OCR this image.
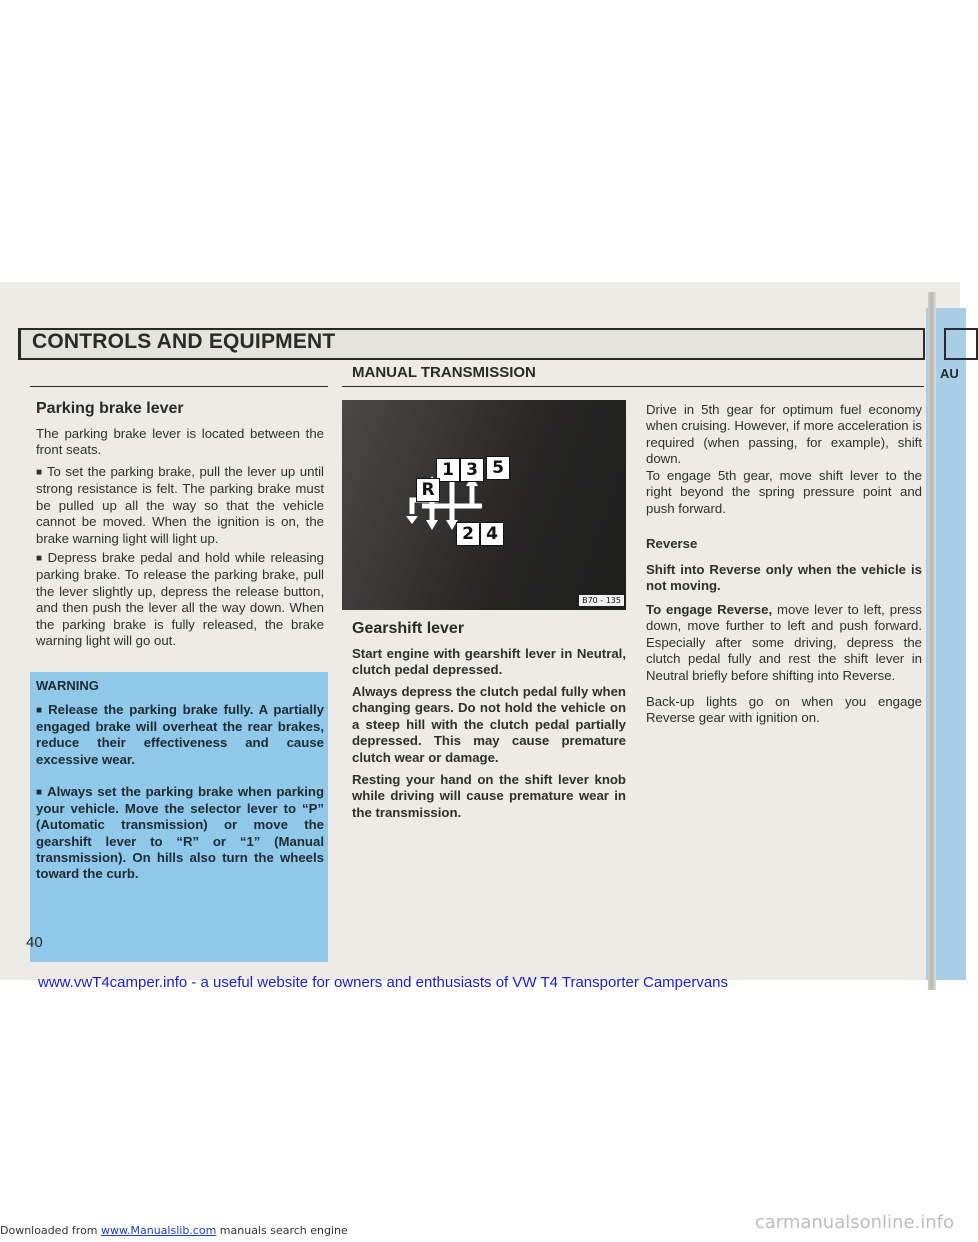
Downloaded from www.Manualslib.com manuals search engine	carmanualsonline.info
CONTROLS AND EQUIPMENT
AU
Parking brake lever
The parking brake lever is located between the front seats.
■ To set the parking brake, pull the lever up until strong resistance is felt. The parking brake must be pulled up all the way so that the vehicle cannot be moved. When the ignition is on, the brake warning light will light up.
■ Depress brake pedal and hold while releasing parking brake. To release the parking brake, pull the lever slightly up, depress the release button, and then push the lever all the way down. When the parking brake is fully released, the brake warning light will go out.
WARNING
■ Release the parking brake fully. A partially engaged brake will overheat the rear brakes, reduce their effectiveness and cause excessive wear.
■ Always set the parking brake when parking your vehicle. Move the selector lever to “P” (Automatic transmission) or move the gearshift lever to “R” or “1” (Manual transmission). On hills also turn the wheels toward the curb.
40
MANUAL TRANSMISSION
1 3 5
R
2 4
B70 - 135
Gearshift lever
Start engine with gearshift lever in Neutral, clutch pedal depressed.
Always depress the clutch pedal fully when changing gears. Do not hold the vehicle on a steep hill with the clutch pedal partially depressed. This may cause premature clutch wear or damage.
Resting your hand on the shift lever knob while driving will cause premature wear in the transmission.
Drive in 5th gear for optimum fuel economy when cruising. However, if more acceleration is required (when passing, for example), shift down.
To engage 5th gear, move shift lever to the right beyond the spring pressure point and push forward.
Reverse
Shift into Reverse only when the vehicle is not moving.
To engage Reverse, move lever to left, press down, move further to left and push forward. Especially after some driving, depress the clutch pedal fully and rest the shift lever in Neutral briefly before shifting into Reverse.
Back-up lights go on when you engage Reverse gear with ignition on.
www.vwT4camper.info - a useful website for owners and enthusiasts of VW T4 Transporter Campervans
